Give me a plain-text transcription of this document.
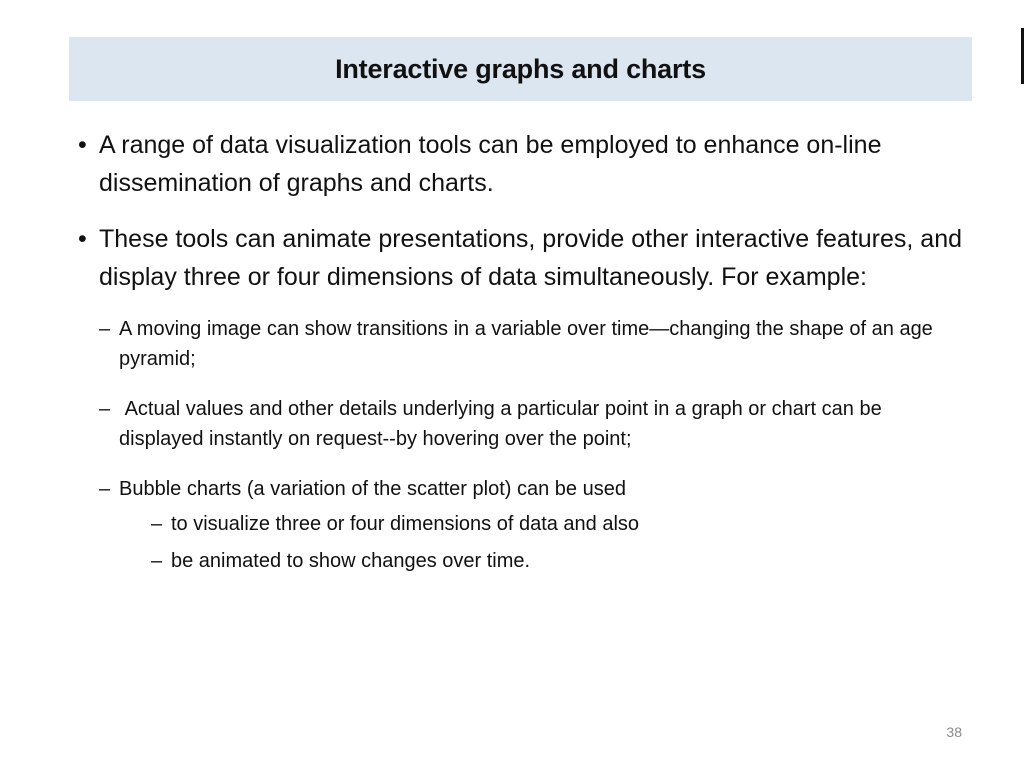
Interactive graphs and charts
• A range of data visualization tools can be employed to enhance on-line dissemination of graphs and charts.
• These tools can animate presentations, provide other interactive features, and display three or four dimensions of data simultaneously. For example:
– A moving image can show transitions in a variable over time—changing the shape of an age pyramid;
– Actual values and other details underlying a particular point in a graph or chart can be displayed instantly on request--by hovering over the point;
– Bubble charts (a variation of the scatter plot) can be used
– to visualize three or four dimensions of data and also
– be animated to show changes over time.
38
